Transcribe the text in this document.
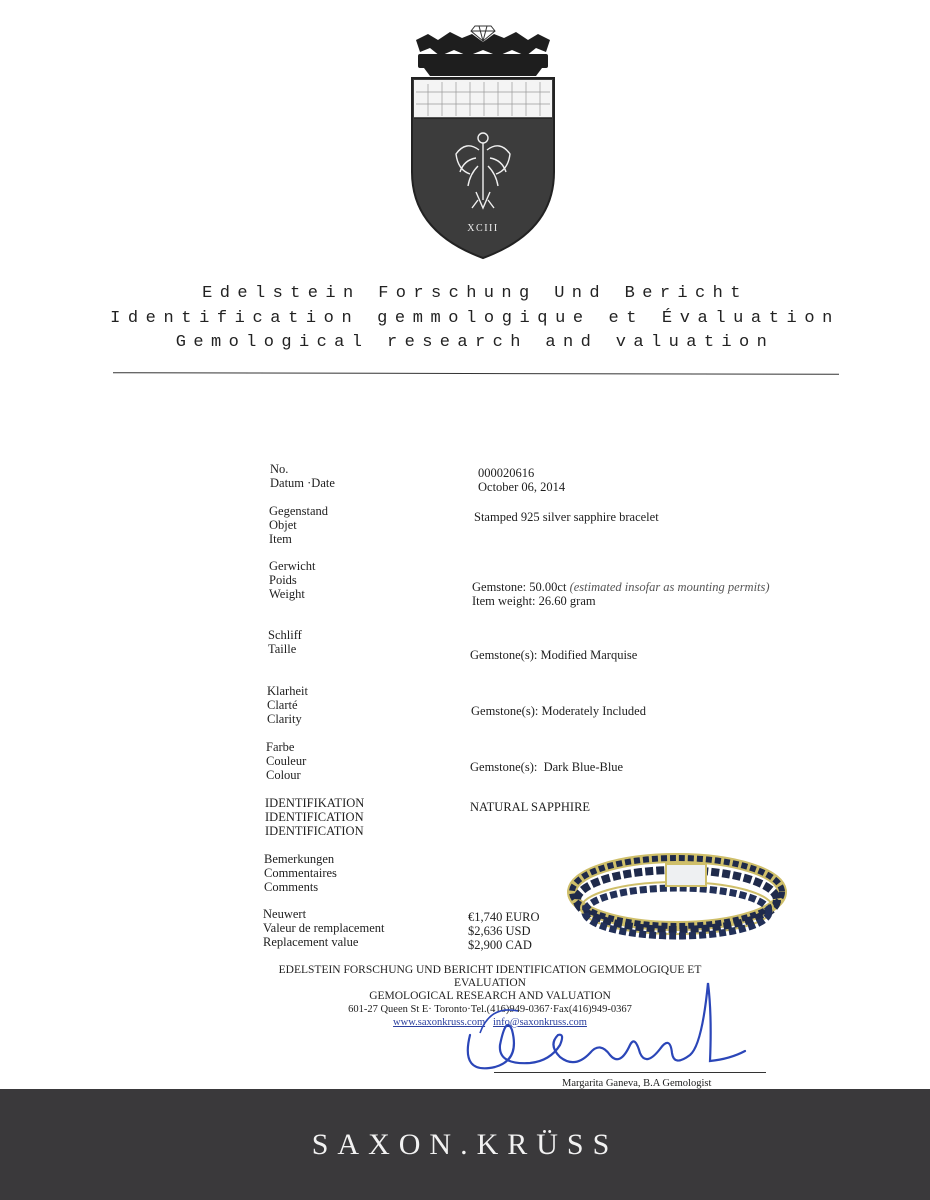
XCIII
Edelstein Forschung Und Bericht
Identification gemmologique et Évaluation
Gemological research and valuation
No.
Datum ·Date
000020616
October 06, 2014
Gegenstand
Objet
Item
Stamped 925 silver sapphire bracelet
Gerwicht
Poids
Weight	Gemstone: 50.00ct (estimated insofar as mounting permits)
Item weight: 26.60 gram
Schliff
Taille	Gemstone(s): Modified Marquise
Klarheit
Clarté
Clarity
Gemstone(s): Moderately Included
Farbe
Couleur
Colour
Gemstone(s):  Dark Blue-Blue
IDENTIFIKATION
IDENTIFICATION
IDENTIFICATION
NATURAL SAPPHIRE
Bemerkungen
Commentaires
Comments
Neuwert
Valeur de remplacement
Replacement value
€1,740 EURO
$2,636 USD
$2,900 CAD
EDELSTEIN FORSCHUNG UND BERICHT IDENTIFICATION GEMMOLOGIQUE ET EVALUATION
GEMOLOGICAL RESEARCH AND VALUATION
601-27 Queen St E· Toronto·Tel.(416)949-0367·Fax(416)949-0367
www.saxonkruss.com info@saxonkruss.com
Margarita Ganeva, B.A Gemologist
SAXON.KRÜSS
